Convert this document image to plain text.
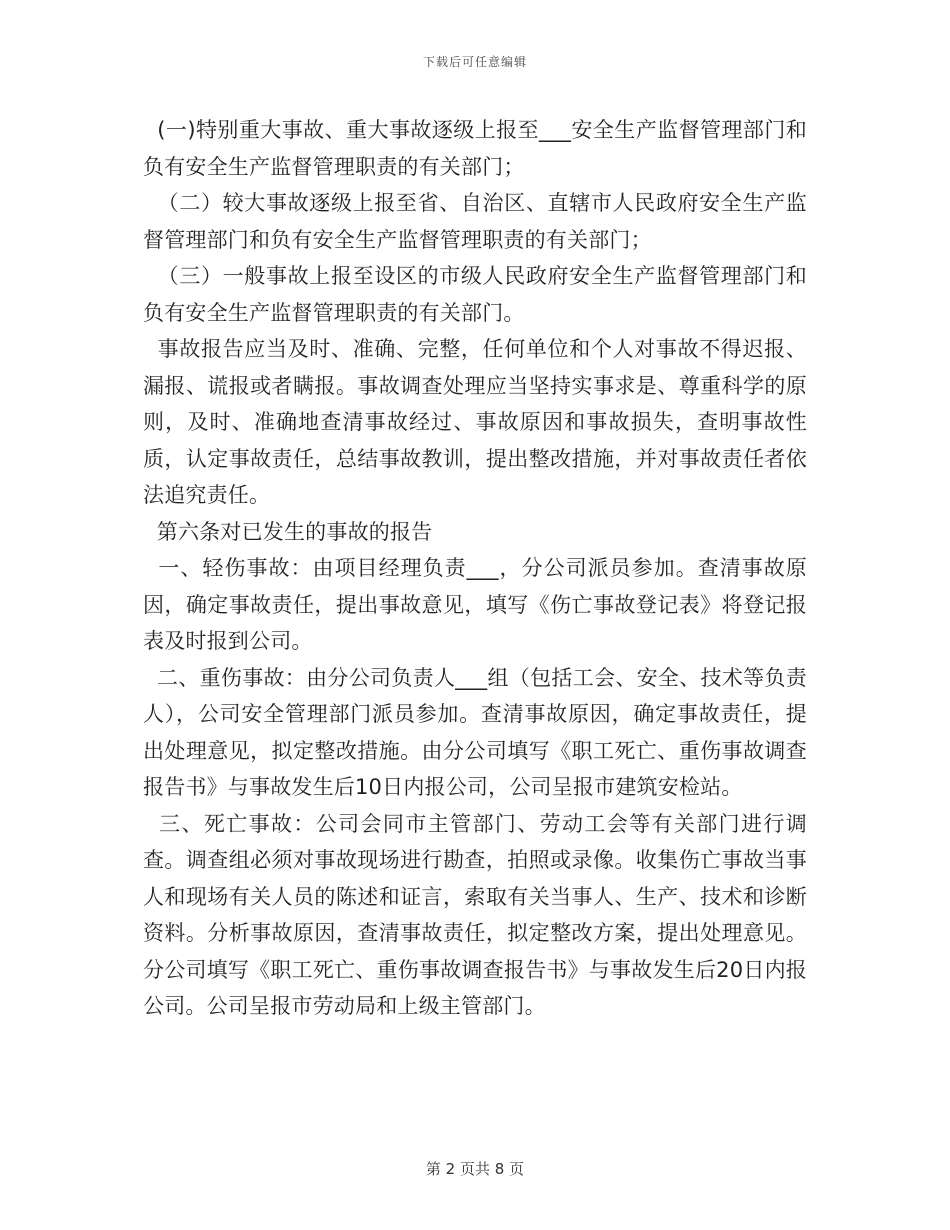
下载后可任意编辑

(一)特别重大事故、重大事故逐级上报至___安全生产监督管理部门和负有安全生产监督管理职责的有关部门；

（二）较大事故逐级上报至省、自治区、直辖市人民政府安全生产监督管理部门和负有安全生产监督管理职责的有关部门；

（三）一般事故上报至设区的市级人民政府安全生产监督管理部门和负有安全生产监督管理职责的有关部门。

事故报告应当及时、准确、完整，任何单位和个人对事故不得迟报、漏报、谎报或者瞒报。事故调查处理应当坚持实事求是、尊重科学的原则，及时、准确地查清事故经过、事故原因和事故损失，查明事故性质，认定事故责任，总结事故教训，提出整改措施，并对事故责任者依法追究责任。

第六条对已发生的事故的报告

一、轻伤事故：由项目经理负责___，分公司派员参加。查清事故原因，确定事故责任，提出事故意见，填写《伤亡事故登记表》将登记报表及时报到公司。

二、重伤事故：由分公司负责人___组（包括工会、安全、技术等负责人），公司安全管理部门派员参加。查清事故原因，确定事故责任，提出处理意见，拟定整改措施。由分公司填写《职工死亡、重伤事故调查报告书》与事故发生后10日内报公司，公司呈报市建筑安检站。

三、死亡事故：公司会同市主管部门、劳动工会等有关部门进行调查。调查组必须对事故现场进行勘查，拍照或录像。收集伤亡事故当事人和现场有关人员的陈述和证言，索取有关当事人、生产、技术和诊断资料。分析事故原因，查清事故责任，拟定整改方案，提出处理意见。分公司填写《职工死亡、重伤事故调查报告书》与事故发生后20日内报公司。公司呈报市劳动局和上级主管部门。

第 2 页共 8 页
